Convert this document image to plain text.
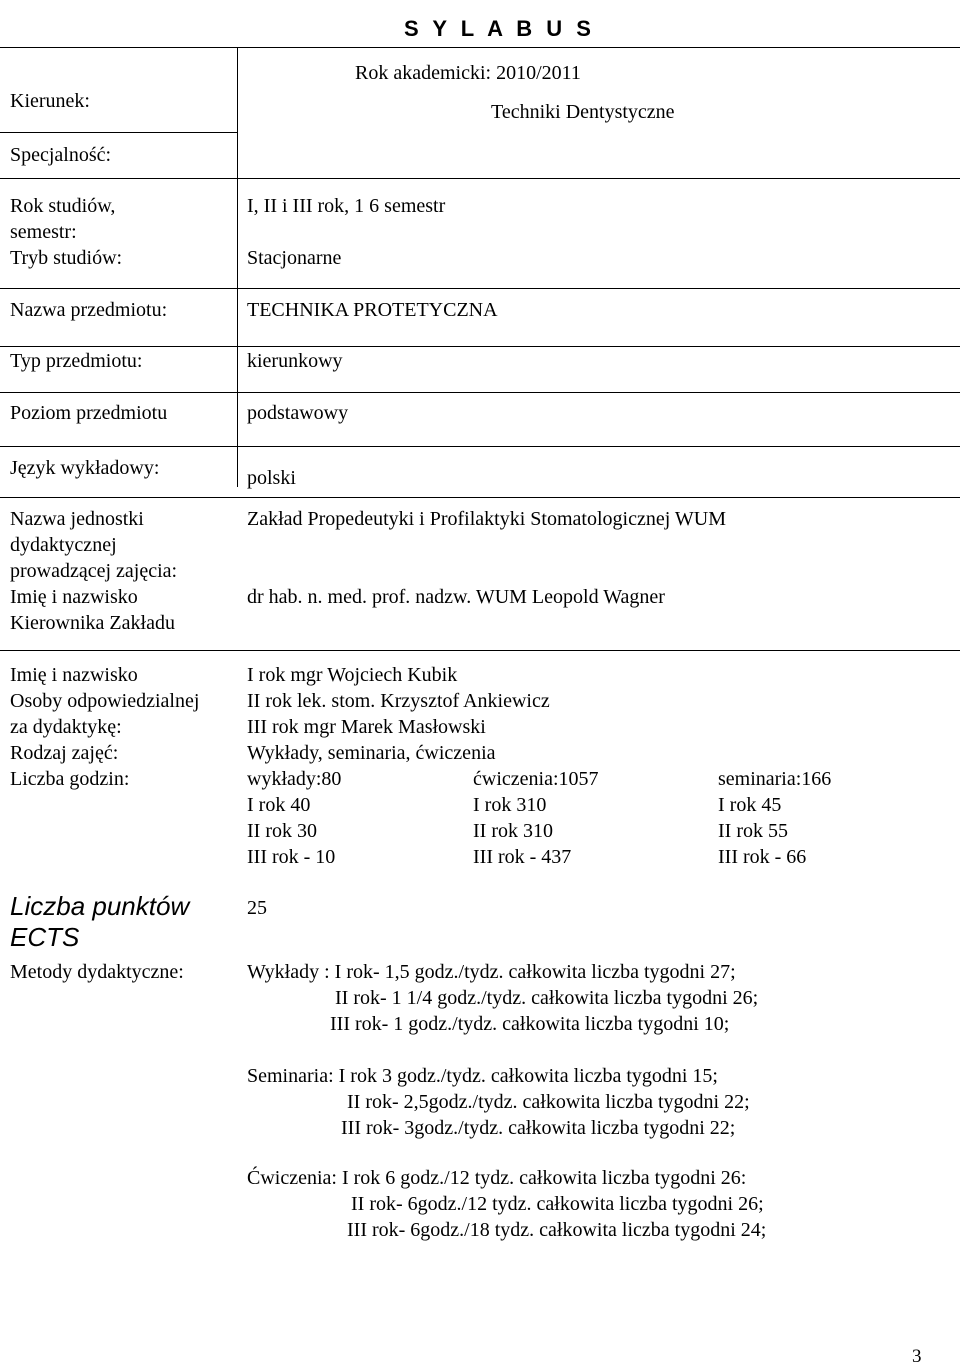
S Y L A B U S
Rok akademicki: 2010/2011
Techniki Dentystyczne
Kierunek:
Specjalność:
Rok studiów,
semestr:
Tryb studiów:
Nazwa przedmiotu:
Typ przedmiotu:
Poziom przedmiotu
Język wykładowy:
Nazwa jednostki
dydaktycznej
prowadzącej zajęcia:
Imię i nazwisko
Kierownika Zakładu
Imię i nazwisko
Osoby odpowiedzialnej
za dydaktykę:
Rodzaj zajęć:
Liczba godzin:
Liczba punktów
ECTS
Metody dydaktyczne:
I, II i III rok, 1 6 semestr
Stacjonarne
TECHNIKA PROTETYCZNA
kierunkowy
podstawowy
polski
Zakład Propedeutyki i Profilaktyki Stomatologicznej WUM
dr hab. n. med. prof. nadzw. WUM Leopold Wagner
I rok mgr Wojciech Kubik
II rok lek. stom. Krzysztof Ankiewicz
III rok mgr Marek Masłowski
Wykłady, seminaria, ćwiczenia
wykłady:80
I rok 40
II rok 30
III rok - 10
ćwiczenia:1057
I rok 310
II rok 310
III rok - 437
seminaria:166
I rok 45
II rok 55
III rok - 66
25
Wykłady : I rok- 1,5 godz./tydz. całkowita liczba tygodni 27;
II rok- 1 1/4 godz./tydz. całkowita liczba tygodni 26;
III rok- 1 godz./tydz. całkowita liczba tygodni 10;
Seminaria: I rok 3 godz./tydz. całkowita liczba tygodni 15;
II rok- 2,5godz./tydz. całkowita liczba tygodni 22;
III rok- 3godz./tydz. całkowita liczba tygodni 22;
Ćwiczenia: I rok 6 godz./12 tydz. całkowita liczba tygodni 26:
II rok- 6godz./12 tydz. całkowita liczba tygodni 26;
III rok- 6godz./18 tydz. całkowita liczba tygodni 24;
3
